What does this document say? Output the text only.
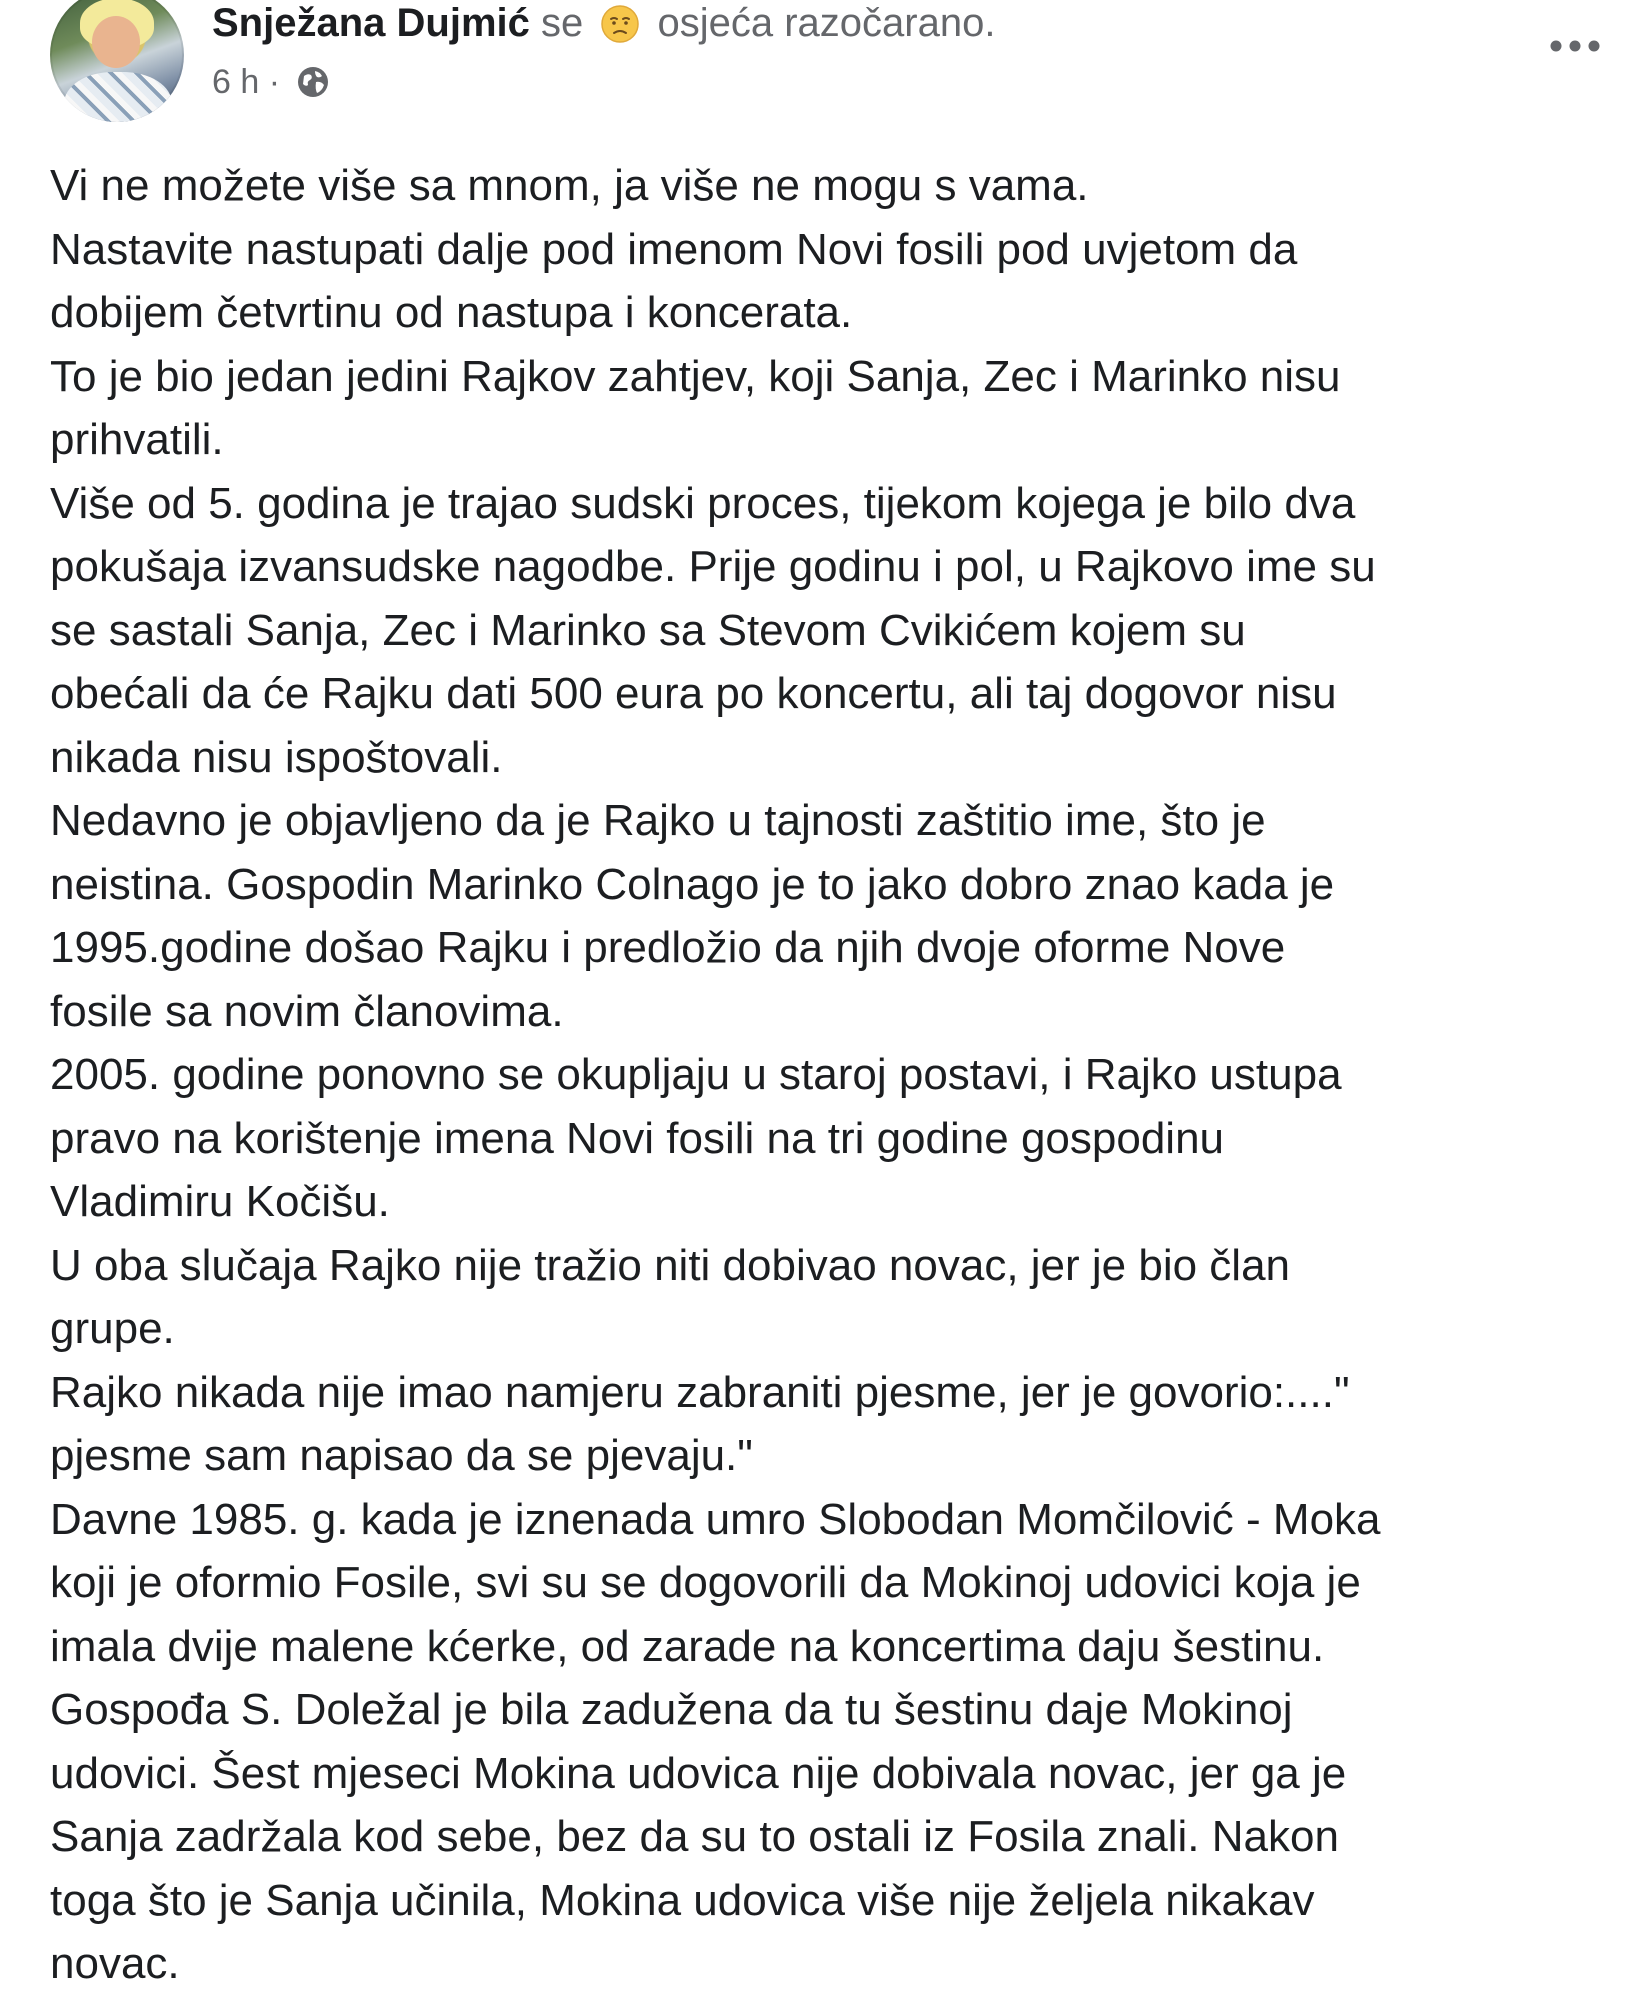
Snježana Dujmić se osjeća razočarano.
6 h ·
Vi ne možete više sa mnom, ja više ne mogu s vama.
Nastavite nastupati dalje pod imenom Novi fosili pod uvjetom da
dobijem četvrtinu od nastupa i koncerata.
To je bio jedan jedini Rajkov zahtjev, koji Sanja, Zec i Marinko nisu
prihvatili.
Više od 5. godina je trajao sudski proces, tijekom kojega je bilo dva
pokušaja izvansudske nagodbe. Prije godinu i pol, u Rajkovo ime su
se sastali Sanja, Zec i Marinko sa Stevom Cvikićem kojem su
obećali da će Rajku dati 500 eura po koncertu, ali taj dogovor nisu
nikada nisu ispoštovali.
Nedavno je objavljeno da je Rajko u tajnosti zaštitio ime, što je
neistina. Gospodin Marinko Colnago je to jako dobro znao kada je
1995.godine došao Rajku i predložio da njih dvoje oforme Nove
fosile sa novim članovima.
2005. godine ponovno se okupljaju u staroj postavi, i Rajko ustupa
pravo na korištenje imena Novi fosili na tri godine gospodinu
Vladimiru Kočišu.
U oba slučaja Rajko nije tražio niti dobivao novac, jer je bio član
grupe.
Rajko nikada nije imao namjeru zabraniti pjesme, jer je govorio:...."
pjesme sam napisao da se pjevaju."
Davne 1985. g. kada je iznenada umro Slobodan Momčilović - Moka
koji je oformio Fosile, svi su se dogovorili da Mokinoj udovici koja je
imala dvije malene kćerke, od zarade na koncertima daju šestinu.
Gospođa S. Doležal je bila zadužena da tu šestinu daje Mokinoj
udovici. Šest mjeseci Mokina udovica nije dobivala novac, jer ga je
Sanja zadržala kod sebe, bez da su to ostali iz Fosila znali. Nakon
toga što je Sanja učinila, Mokina udovica više nije željela nikakav
novac.
